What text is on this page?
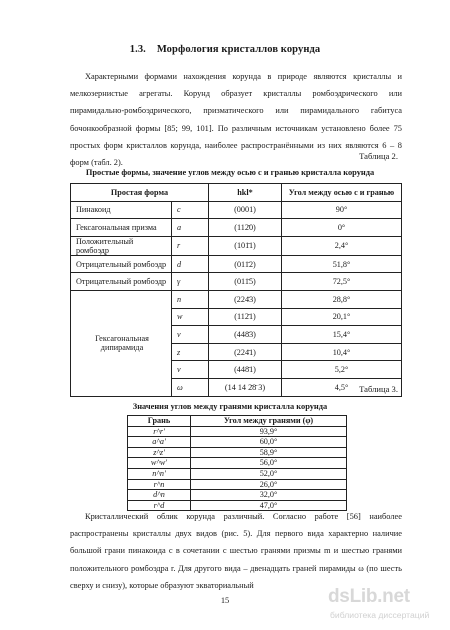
1.3. Морфология кристаллов корунда
Характерными формами нахождения корунда в природе являются кристаллы и мелкозернистые агрегаты. Корунд образует кристаллы ромбоэдрического или пирамидально-ромбоэдрического, призматического или пирамидального габитуса бочонкообразной формы [85; 99, 101]. По различным источникам установлено более 75 простых форм кристаллов корунда, наиболее распространёнными из них являются 6 – 8 форм (табл. 2).
Таблица 2.
Простые формы, значение углов между осью c и гранью кристалла корунда
Простая форма		hkl*	Угол между осью c и гранью
Пинакоид	c	(0001)	90°
Гексагональная призма	a	(112̄0)	0°
Положительный ромбоэдр	r	(101̄1)	2,4°
Отрицательный ромбоэдр	d	(011̄2)	51,8°
Отрицательный ромбоэдр	γ	(011̄5)	72,5°
Гексагональная дипирамида	n	(224̄3)	28,8°
	w	(112̄1)	20,1°
	v	(448̄3)	15,4°
	z	(224̄1)	10,4°
	v	(448̄1)	5,2°
	ω	(14 14 2̄8̄ 3)	4,5° Таблица 3.
Значения углов между гранями кристалла корунда
Грань	Угол между гранями (φ)
r^r'	93,9°
a^a'	60,0°
z^z'	58,9°
w^w'	56,0°
n^n'	52,0°
r^n	26,0°
d^n	32,0°
r^d	47,0°
Кристаллический облик корунда различный. Согласно работе [56] наиболее распространены кристаллы двух видов (рис. 5). Для первого вида характерно наличие большой грани пинакоида c в сочетании с шестью гранями призмы m и шестью гранями положительного ромбоэдра r. Для другого вида – двенадцать граней пирамиды ω (по шесть сверху и снизу), которые образуют экваториальный
15	dsLib.net
библиотека диссертаций
